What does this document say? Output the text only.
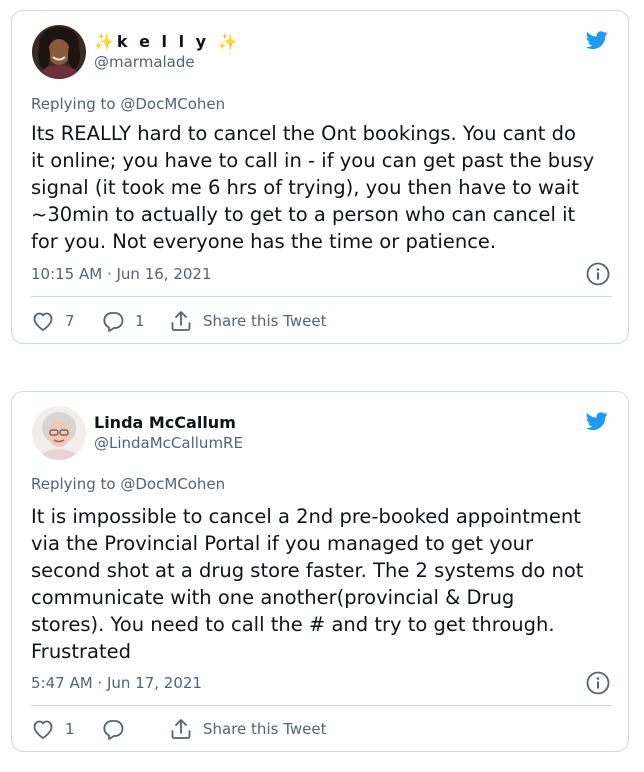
✨k e l l y ✨
@marmalade
Replying to @DocMCohen
Its REALLY hard to cancel the Ont bookings. You cant do
it online; you have to call in - if you can get past the busy
signal (it took me 6 hrs of trying), you then have to wait
~30min to actually to get to a person who can cancel it
for you. Not everyone has the time or patience.
10:15 AM · Jun 16, 2021
7	1	Share this Tweet
Linda McCallum
@LindaMcCallumRE
Replying to @DocMCohen
It is impossible to cancel a 2nd pre-booked appointment
via the Provincial Portal if you managed to get your
second shot at a drug store faster. The 2 systems do not
communicate with one another(provincial & Drug
stores). You need to call the # and try to get through.
Frustrated
5:47 AM · Jun 17, 2021
1	Share this Tweet
